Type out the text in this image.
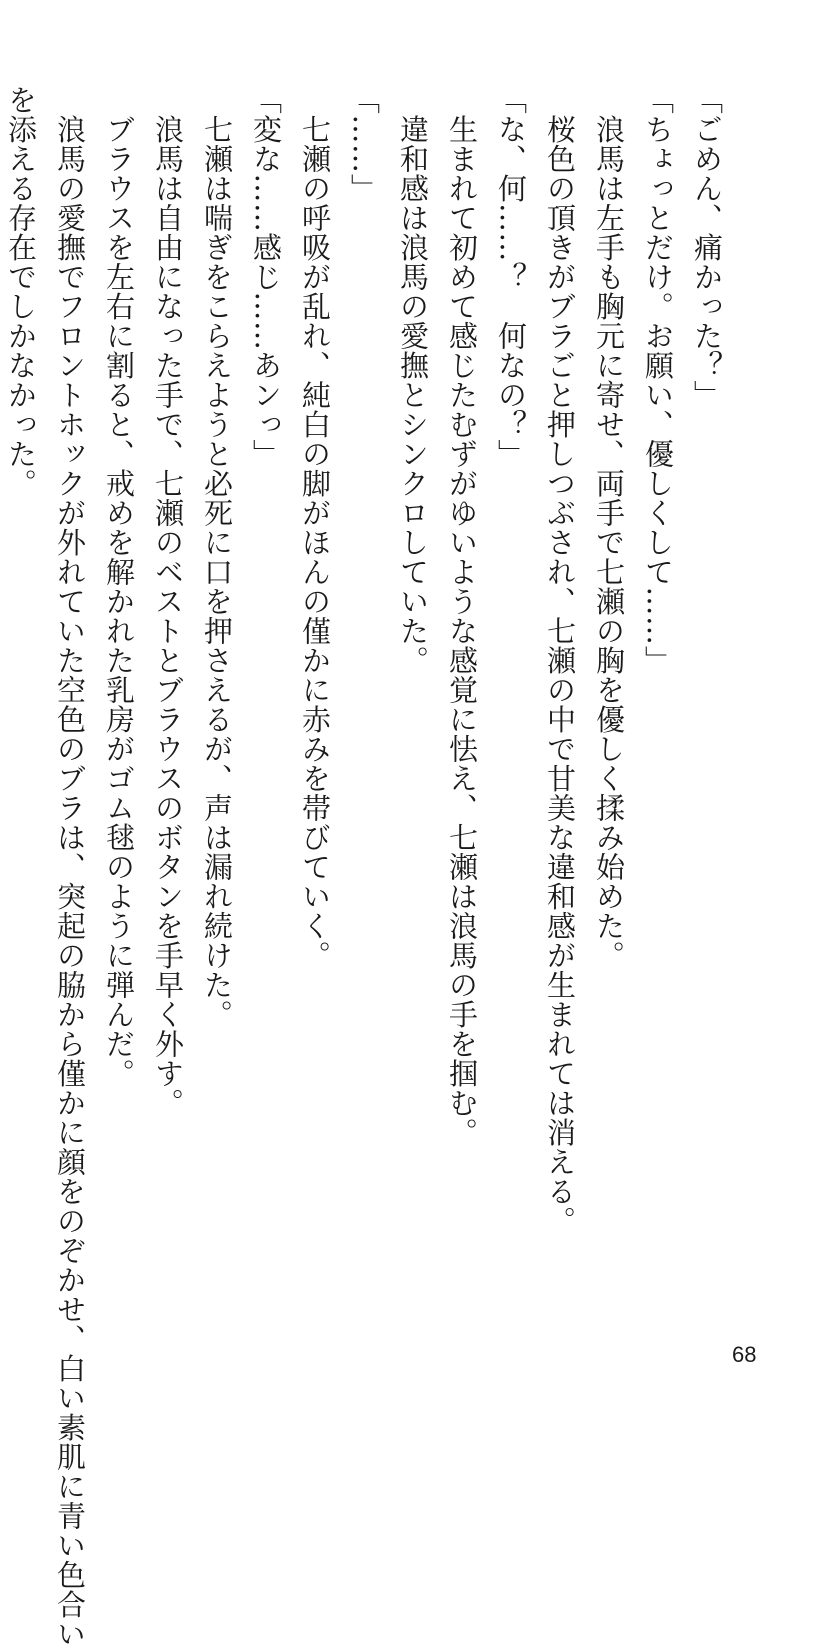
「ごめん、痛かった？」
「ちょっとだけ。お願い、優しくして……」
　浪馬は左手も胸元に寄せ、両手で七瀬の胸を優しく揉み始めた。
　桜色の頂きがブラごと押しつぶされ、七瀬の中で甘美な違和感が生まれては消える。
「な、何……？　何なの？」
　生まれて初めて感じたむずがゆいような感覚に怯え、七瀬は浪馬の手を掴む。
　違和感は浪馬の愛撫とシンクロしていた。
「……」
　七瀬の呼吸が乱れ、純白の脚がほんの僅かに赤みを帯びていく。
「変な……感じ……あンっ」
　七瀬は喘ぎをこらえようと必死に口を押さえるが、声は漏れ続けた。
　浪馬は自由になった手で、七瀬のベストとブラウスのボタンを手早く外す。
　ブラウスを左右に割ると、戒めを解かれた乳房がゴム毬のように弾んだ。
　浪馬の愛撫でフロントホックが外れていた空色のブラは、突起の脇から僅かに顔をのぞかせ、白い素肌に青い色合い
を添える存在でしかなかった。
68
